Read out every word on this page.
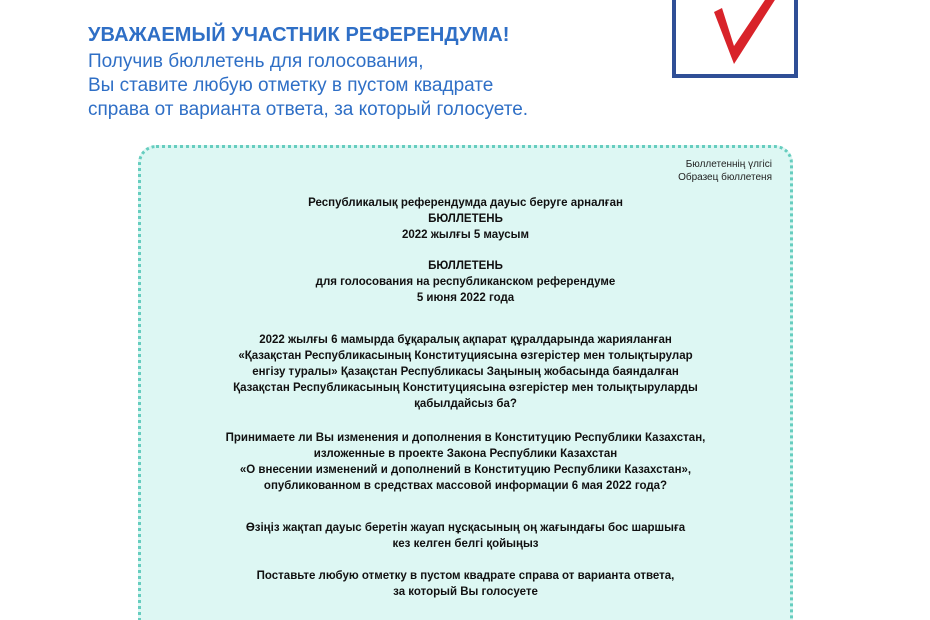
УВАЖАЕМЫЙ УЧАСТНИК РЕФЕРЕНДУМА!
Получив бюллетень для голосования,
Вы ставите любую отметку в пустом квадрате
справа от варианта ответа, за который голосуете.
Бюллетеннің үлгісі
Образец бюллетеня
Республикалық референдумда дауыс беруге арналған
БЮЛЛЕТЕНЬ
2022 жылғы 5 маусым
БЮЛЛЕТЕНЬ
для голосования на республиканском референдуме
5 июня 2022 года
2022 жылғы 6 мамырда бұқаралық ақпарат құралдарында жарияланған
«Қазақстан Республикасының Конституциясына өзгерістер мен толықтырулар
енгізу туралы» Қазақстан Республикасы Заңының жобасында баяндалған
Қазақстан Республикасының Конституциясына өзгерістер мен толықтыруларды
қабылдайсыз ба?
Принимаете ли Вы изменения и дополнения в Конституцию Республики Казахстан,
изложенные в проекте Закона Республики Казахстан
«О внесении изменений и дополнений в Конституцию Республики Казахстан»,
опубликованном в средствах массовой информации 6 мая 2022 года?
Өзіңіз жақтап дауыс беретін жауап нұсқасының оң жағындағы бос шаршыға
кез келген белгі қойыңыз
Поставьте любую отметку в пустом квадрате справа от варианта ответа,
за который Вы голосуете
